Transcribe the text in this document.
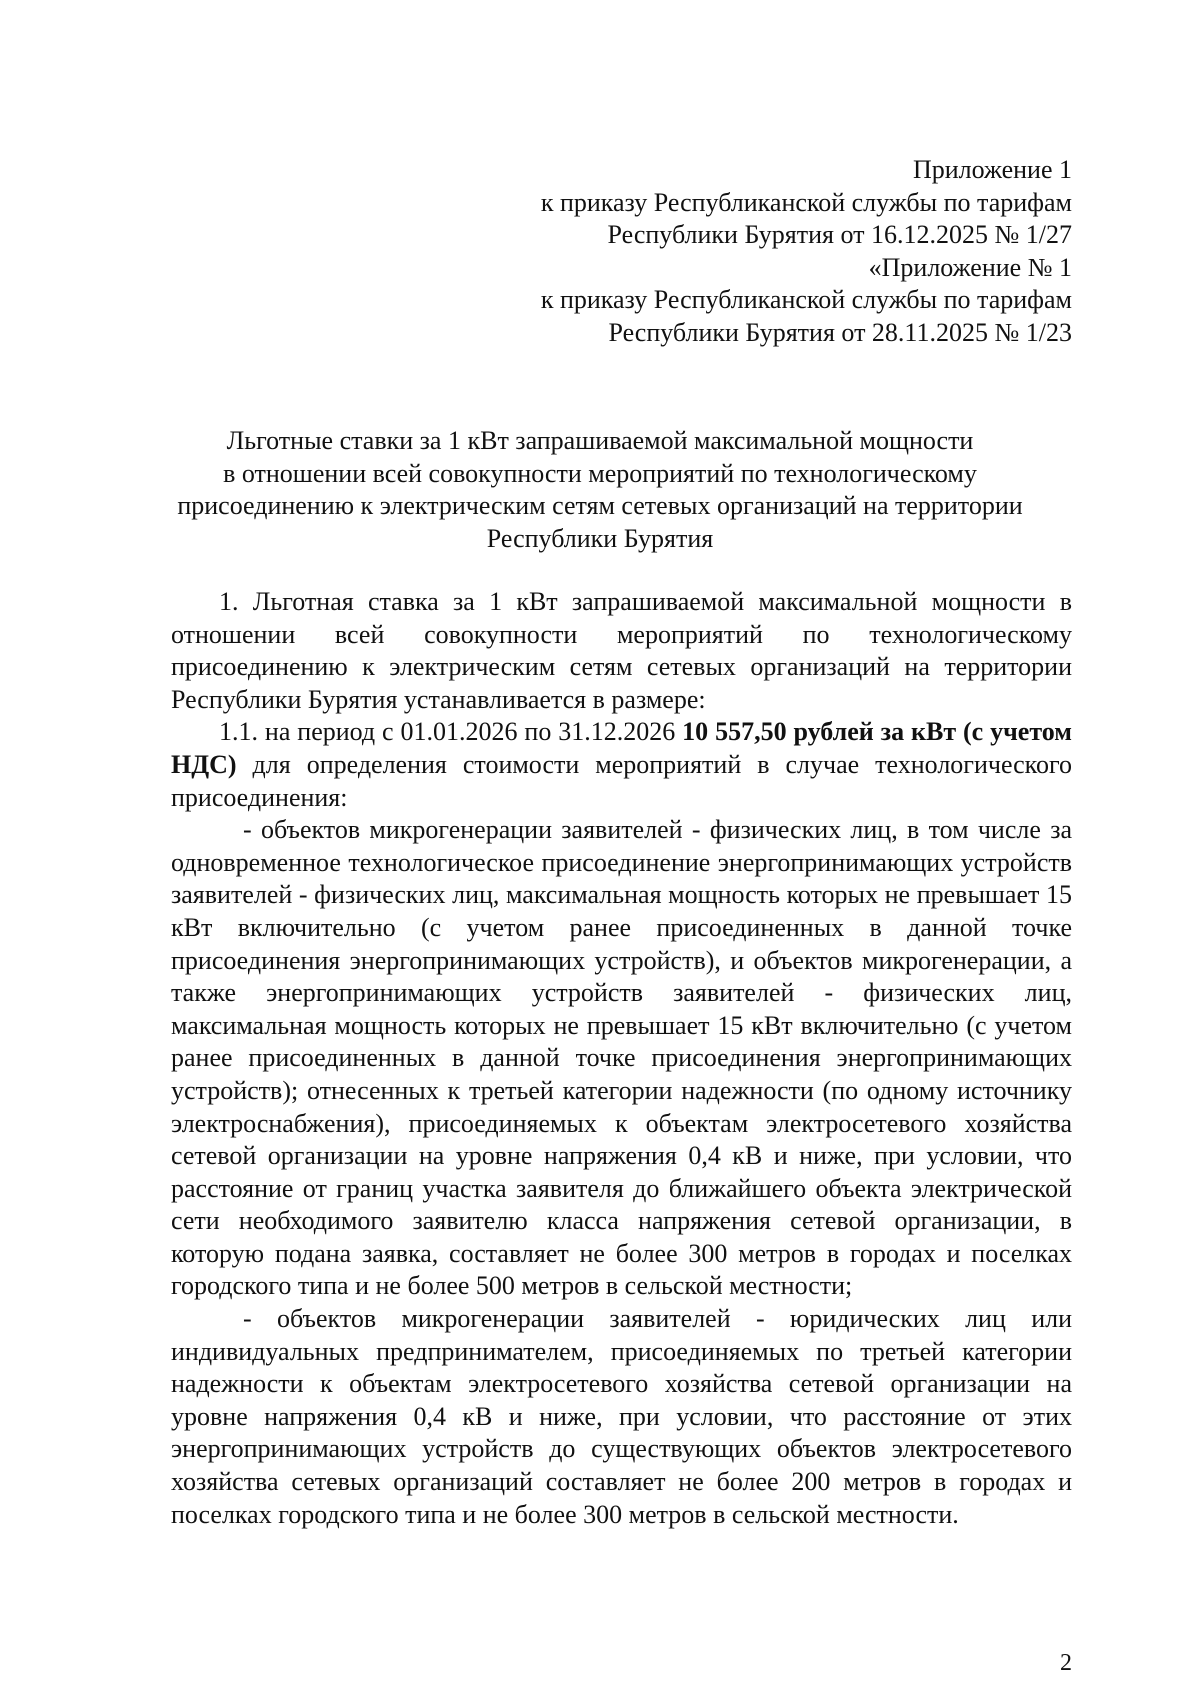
Приложение 1
к приказу Республиканской службы по тарифам
Республики Бурятия от 16.12.2025 № 1/27
«Приложение № 1
к приказу Республиканской службы по тарифам
Республики Бурятия от 28.11.2025 № 1/23
Льготные ставки за 1 кВт запрашиваемой максимальной мощности
в отношении всей совокупности мероприятий по технологическому
присоединению к электрическим сетям сетевых организаций на территории
Республики Бурятия

1. Льготная ставка за 1 кВт запрашиваемой максимальной мощности в отношении всей совокупности мероприятий по технологическому присоединению к электрическим сетям сетевых организаций на территории Республики Бурятия устанавливается в размере:

1.1. на период с 01.01.2026 по 31.12.2026 10 557,50 рублей за кВт (с учетом НДС) для определения стоимости мероприятий в случае технологического присоединения:

- объектов микрогенерации заявителей - физических лиц, в том числе за одновременное технологическое присоединение энергопринимающих устройств заявителей - физических лиц, максимальная мощность которых не превышает 15 кВт включительно (с учетом ранее присоединенных в данной точке присоединения энергопринимающих устройств), и объектов микрогенерации, а также энергопринимающих устройств заявителей - физических лиц, максимальная мощность которых не превышает 15 кВт включительно (с учетом ранее присоединенных в данной точке присоединения энергопринимающих устройств); отнесенных к третьей категории надежности (по одному источнику электроснабжения), присоединяемых к объектам электросетевого хозяйства сетевой организации на уровне напряжения 0,4 кВ и ниже, при условии, что расстояние от границ участка заявителя до ближайшего объекта электрической сети необходимого заявителю класса напряжения сетевой организации, в которую подана заявка, составляет не более 300 метров в городах и поселках городского типа и не более 500 метров в сельской местности;

- объектов микрогенерации заявителей - юридических лиц или индивидуальных предпринимателем, присоединяемых по третьей категории надежности к объектам электросетевого хозяйства сетевой организации на уровне напряжения 0,4 кВ и ниже, при условии, что расстояние от этих энергопринимающих устройств до существующих объектов электросетевого хозяйства сетевых организаций составляет не более 200 метров в городах и поселках городского типа и не более 300 метров в сельской местности.

2
